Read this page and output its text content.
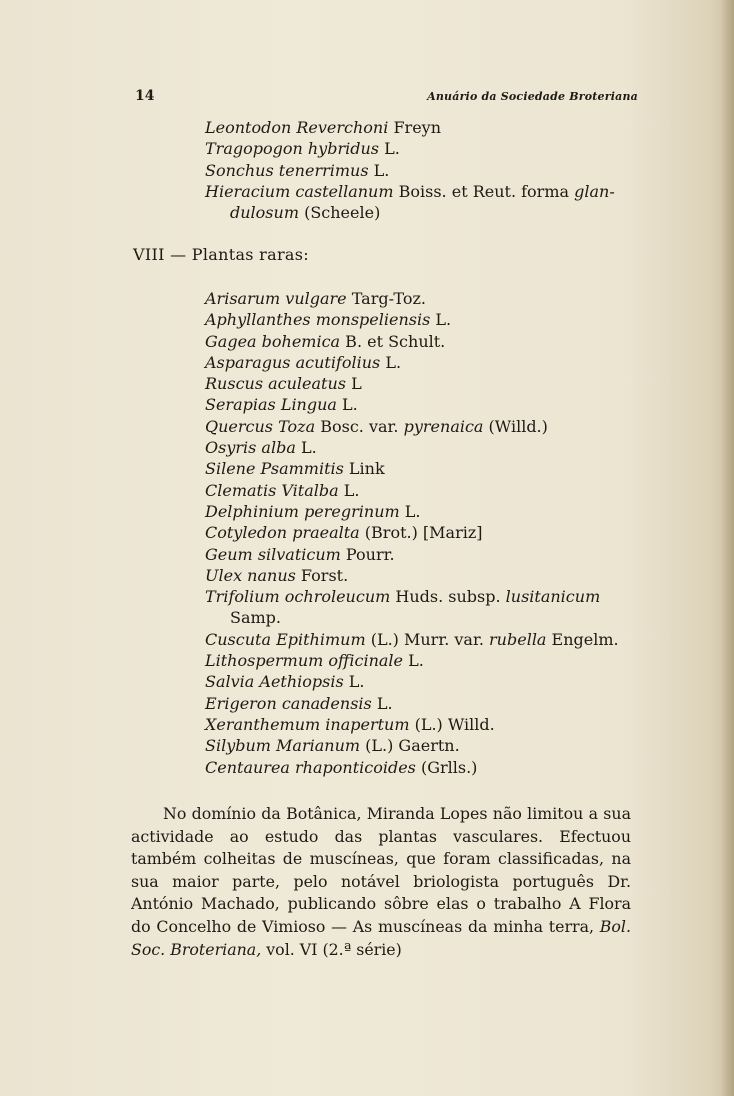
14	Anuário da Sociedade Broteriana

Leontodon Reverchoni Freyn

Tragopogon hybridus L.

Sonchus tenerrimus L.

Hieracium castellanum Boiss. et Reut. forma glan-

dulosum (Scheele)

VIII — Plantas raras:

Arisarum vulgare Targ-Toz.

Aphyllanthes monspeliensis L.

Gagea bohemica B. et Schult.

Asparagus acutifolius L.

Ruscus aculeatus L

Serapias Lingua L.

Quercus Toza Bosc. var. pyrenaica (Willd.)

Osyris alba L.

Silene Psammitis Link

Clematis Vitalba L.

Delphinium peregrinum L.

Cotyledon praealta (Brot.) [Mariz]

Geum silvaticum Pourr.

Ulex nanus Forst.

Trifolium ochroleucum Huds. subsp. lusitanicum
Samp.

Cuscuta Epithimum (L.) Murr. var. rubella Engelm.

Lithospermum officinale L.

Salvia Aethiopsis L.

Erigeron canadensis L.

Xeranthemum inapertum (L.) Willd.

Silybum Marianum (L.) Gaertn.

Centaurea rhaponticoides (Grlls.)

No domínio da Botânica, Miranda Lopes não limitou a sua actividade ao estudo das plantas vasculares. Efectuou também colheitas de muscíneas, que foram classificadas, na sua maior parte, pelo notável briologista português Dr. António Machado, publicando sôbre elas o trabalho A Flora do Concelho de Vimioso — As muscíneas da minha terra, Bol. Soc. Broteriana, vol. VI (2.ª série)
